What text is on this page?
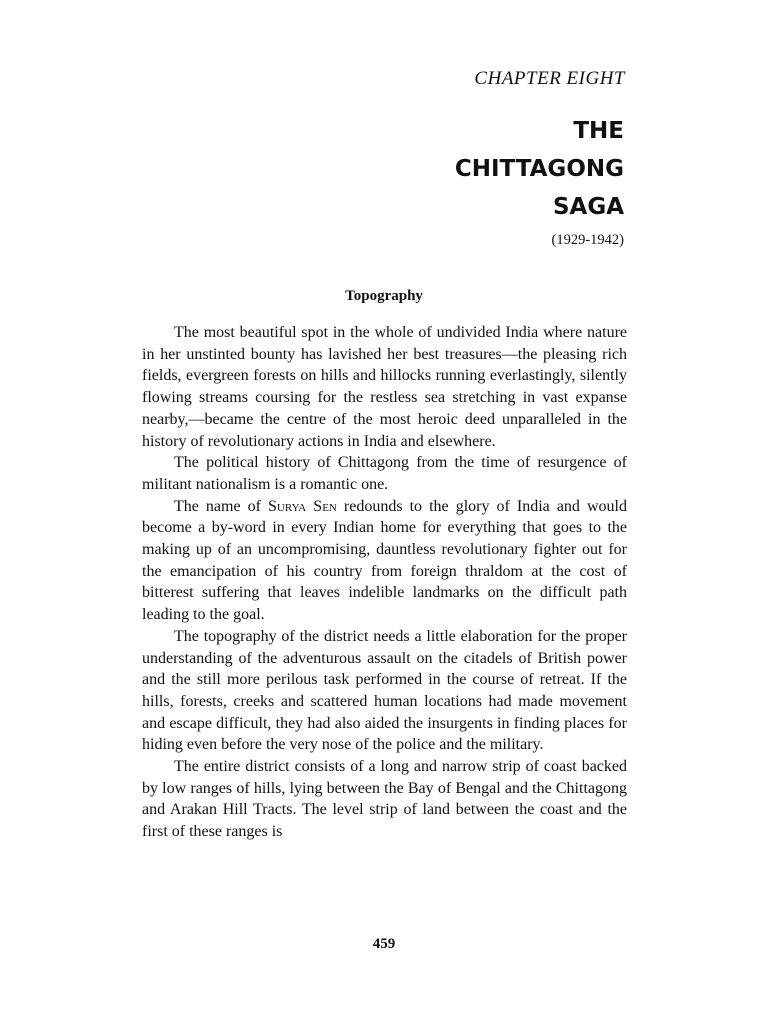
CHAPTER EIGHT
THE
CHITTAGONG
SAGA
(1929-1942)
Topography

The most beautiful spot in the whole of undivided India where nature in her unstinted bounty has lavished her best treasures—the pleasing rich fields, evergreen forests on hills and hillocks running everlastingly, silently flowing streams coursing for the restless sea stretching in vast expanse nearby,—became the centre of the most heroic deed unparalleled in the history of revolutionary actions in India and elsewhere.

The political history of Chittagong from the time of resurgence of militant nationalism is a romantic one.

The name of Surya Sen redounds to the glory of India and would become a by-word in every Indian home for everything that goes to the making up of an uncompromising, dauntless revolutionary fighter out for the emancipation of his country from foreign thraldom at the cost of bitterest suffering that leaves indelible landmarks on the difficult path leading to the goal.

The topography of the district needs a little elaboration for the proper understanding of the adventurous assault on the citadels of British power and the still more perilous task performed in the course of retreat. If the hills, forests, creeks and scattered human locations had made movement and escape difficult, they had also aided the insurgents in finding places for hiding even before the very nose of the police and the military.

The entire district consists of a long and narrow strip of coast backed by low ranges of hills, lying between the Bay of Bengal and the Chittagong and Arakan Hill Tracts. The level strip of land between the coast and the first of these ranges is

459
